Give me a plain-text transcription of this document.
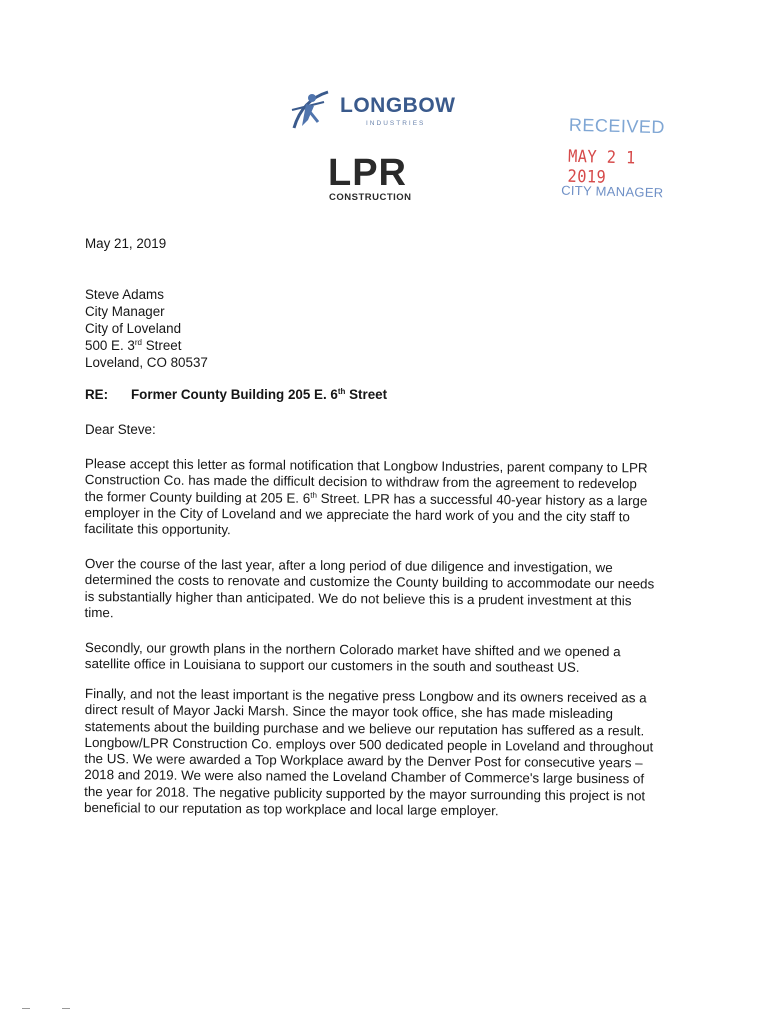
LONGBOW
INDUSTRIES
LPR
CONSTRUCTION
RECEIVED
MAY 2 1 2019
CITY MANAGER
May 21, 2019
Steve Adams
City Manager
City of Loveland
500 E. 3rd Street
Loveland, CO 80537
RE: Former County Building 205 E. 6th Street
Dear Steve:
Please accept this letter as formal notification that Longbow Industries, parent company to LPR
Construction Co. has made the difficult decision to withdraw from the agreement to redevelop
the former County building at 205 E. 6th Street. LPR has a successful 40-year history as a large
employer in the City of Loveland and we appreciate the hard work of you and the city staff to
facilitate this opportunity.
Over the course of the last year, after a long period of due diligence and investigation, we
determined the costs to renovate and customize the County building to accommodate our needs
is substantially higher than anticipated. We do not believe this is a prudent investment at this
time.
Secondly, our growth plans in the northern Colorado market have shifted and we opened a
satellite office in Louisiana to support our customers in the south and southeast US.
Finally, and not the least important is the negative press Longbow and its owners received as a
direct result of Mayor Jacki Marsh. Since the mayor took office, she has made misleading
statements about the building purchase and we believe our reputation has suffered as a result.
Longbow/LPR Construction Co. employs over 500 dedicated people in Loveland and throughout
the US. We were awarded a Top Workplace award by the Denver Post for consecutive years –
2018 and 2019. We were also named the Loveland Chamber of Commerce's large business of
the year for 2018. The negative publicity supported by the mayor surrounding this project is not
beneficial to our reputation as top workplace and local large employer.
